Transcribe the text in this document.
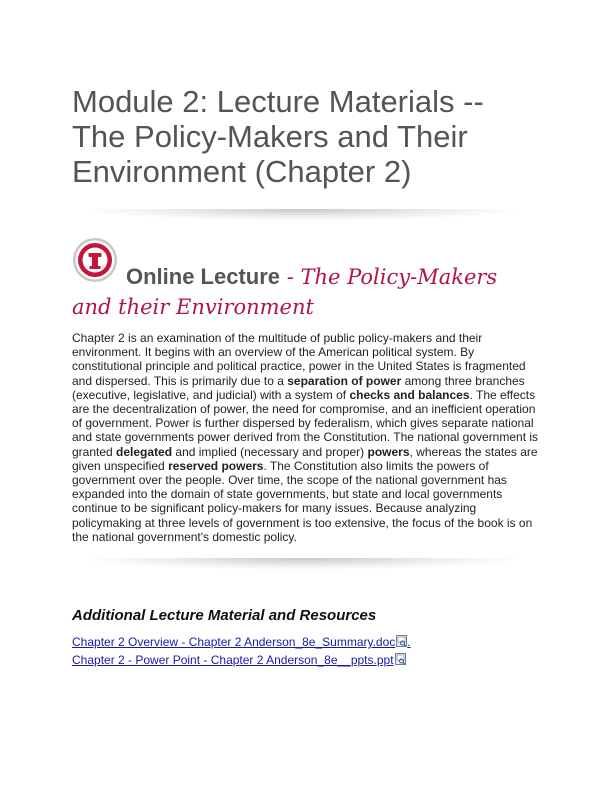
Module 2: Lecture Materials -- The Policy-Makers and Their Environment (Chapter 2)
Online Lecture - The Policy-Makers and their Environment

Chapter 2 is an examination of the multitude of public policy-makers and their environment. It begins with an overview of the American political system. By constitutional principle and political practice, power in the United States is fragmented and dispersed. This is primarily due to a separation of power among three branches (executive, legislative, and judicial) with a system of checks and balances. The effects are the decentralization of power, the need for compromise, and an inefficient operation of government. Power is further dispersed by federalism, which gives separate national and state governments power derived from the Constitution. The national government is granted delegated and implied (necessary and proper) powers, whereas the states are given unspecified reserved powers. The Constitution also limits the powers of government over the people. Over time, the scope of the national government has expanded into the domain of state governments, but state and local governments continue to be significant policy-makers for many issues. Because analyzing policymaking at three levels of government is too extensive, the focus of the book is on the national government's domestic policy.

Additional Lecture Material and Resources
Chapter 2 Overview - Chapter 2 Anderson_8e_Summary.doc .
Chapter 2 - Power Point - Chapter 2 Anderson_8e__ppts.ppt
